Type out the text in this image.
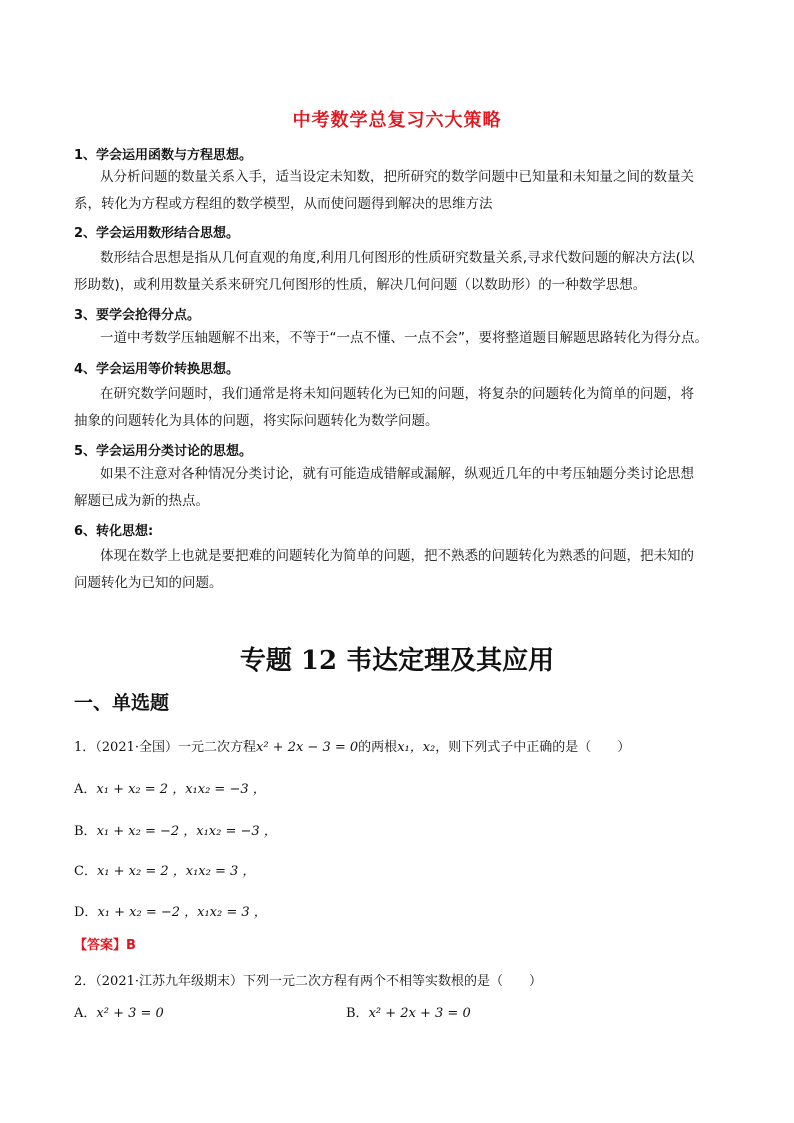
中考数学总复习六大策略
1、学会运用函数与方程思想。
从分析问题的数量关系入手，适当设定未知数，把所研究的数学问题中已知量和未知量之间的数量关
系，转化为方程或方程组的数学模型，从而使问题得到解决的思维方法
2、学会运用数形结合思想。
数形结合思想是指从几何直观的角度,利用几何图形的性质研究数量关系,寻求代数问题的解决方法(以
形助数)，或利用数量关系来研究几何图形的性质，解决几何问题（以数助形）的一种数学思想。
3、要学会抢得分点。
一道中考数学压轴题解不出来，不等于“一点不懂、一点不会”，要将整道题目解题思路转化为得分点。
4、学会运用等价转换思想。
在研究数学问题时，我们通常是将未知问题转化为已知的问题，将复杂的问题转化为简单的问题，将
抽象的问题转化为具体的问题，将实际问题转化为数学问题。
5、学会运用分类讨论的思想。
如果不注意对各种情况分类讨论，就有可能造成错解或漏解，纵观近几年的中考压轴题分类讨论思想
解题已成为新的热点。
6、转化思想:
体现在数学上也就是要把难的问题转化为简单的问题，把不熟悉的问题转化为熟悉的问题，把未知的
问题转化为已知的问题。
专题 12 韦达定理及其应用
一、单选题
1．（2021·全国）一元二次方程x² + 2x − 3 = 0的两根x₁，x₂，则下列式子中正确的是（　　）
A．x₁ + x₂ = 2 ，x₁x₂ = −3 ，
B．x₁ + x₂ = −2 ，x₁x₂ = −3 ，
C．x₁ + x₂ = 2 ，x₁x₂ = 3 ，
D．x₁ + x₂ = −2 ，x₁x₂ = 3 ，
【答案】B
2．（2021·江苏九年级期末）下列一元二次方程有两个不相等实数根的是（　　）
A．x² + 3 = 0	B．x² + 2x + 3 = 0
